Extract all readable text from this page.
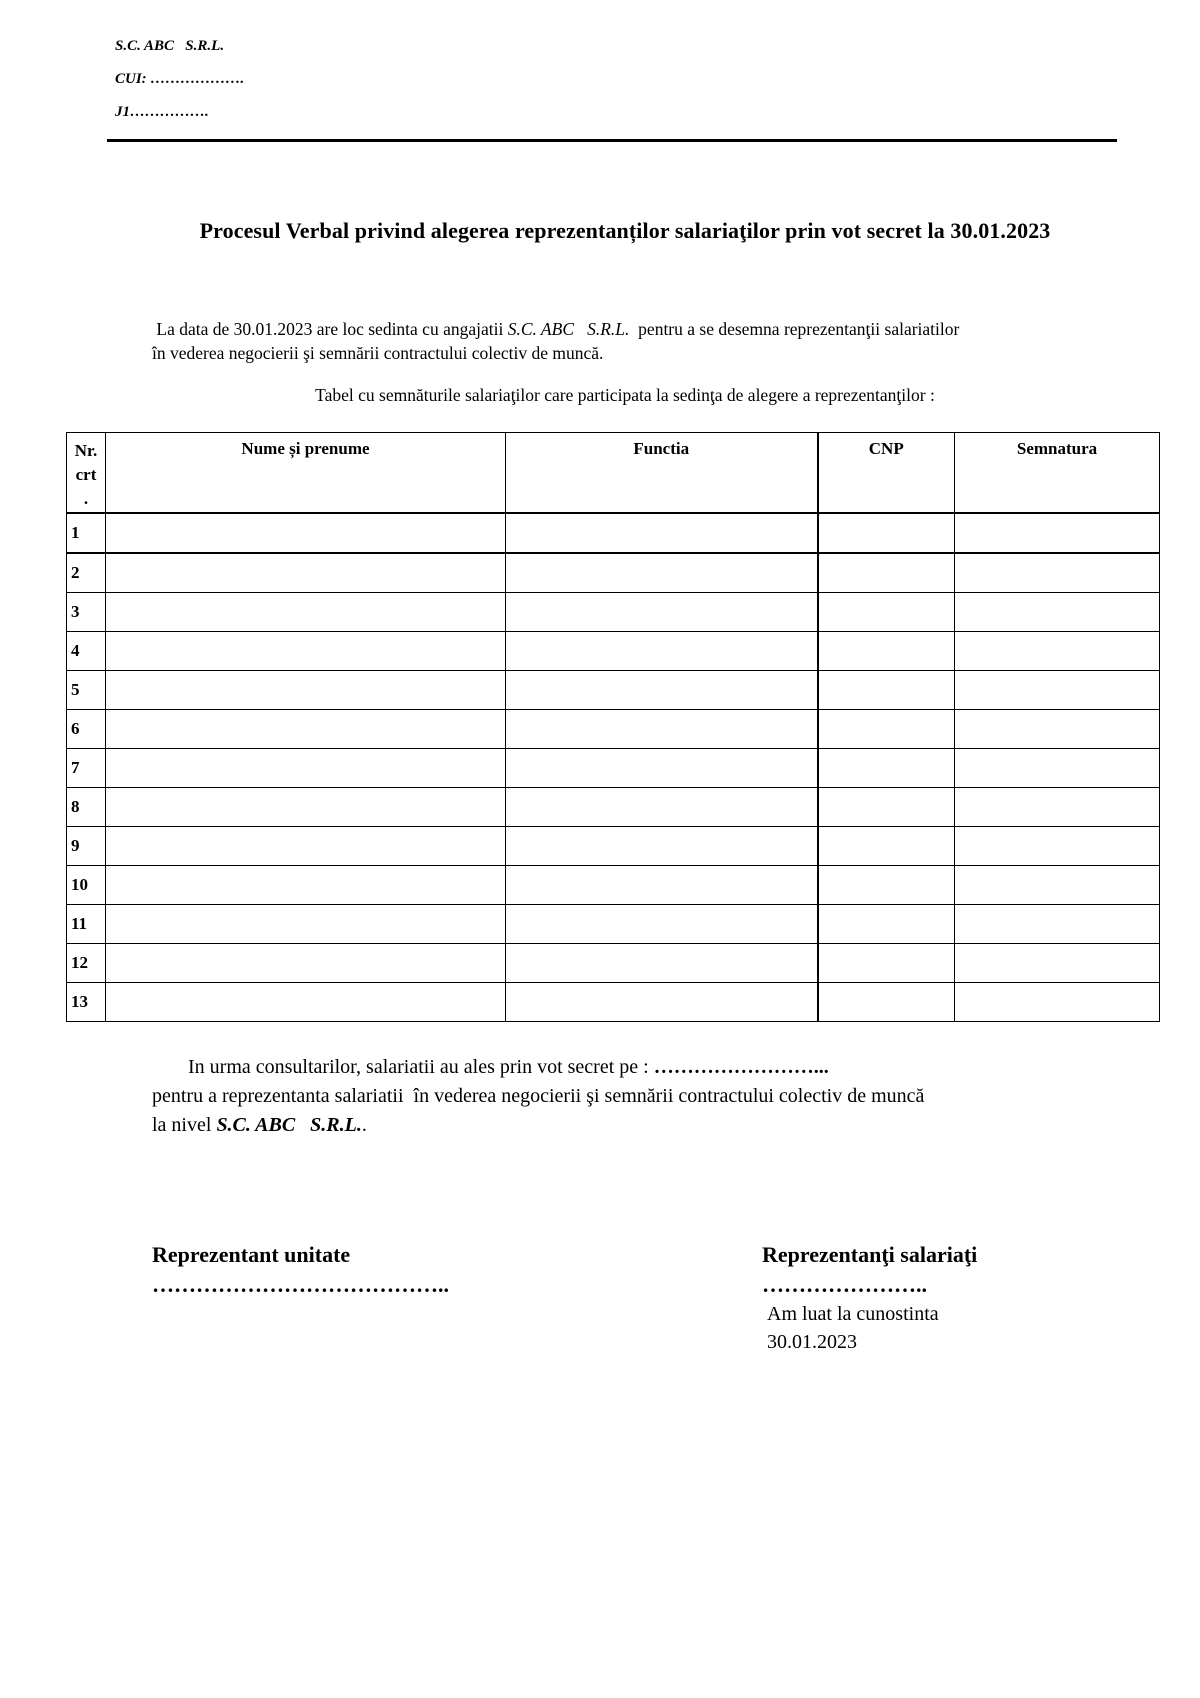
S.C. ABC   S.R.L.
CUI: ……………….
J1…………….
Procesul Verbal privind alegerea reprezentanților salariaţilor prin vot secret la 30.01.2023
La data de 30.01.2023 are loc sedinta cu angajatii S.C. ABC   S.R.L.  pentru a se desemna reprezentanţii salariatilor
în vederea negocierii şi semnării contractului colectiv de muncă.
Tabel cu semnăturile salariaţilor care participata la sedinţa de alegere a reprezentanţilor :
Nr. crt .	Nume și prenume	Functia	CNP	Semnatura
1				
2				
3				
4				
5				
6				
7				
8				
9				
10				
11				
12				
13				
In urma consultarilor, salariatii au ales prin vot secret pe : ……………………...
pentru a reprezentanta salariatii  în vederea negocierii şi semnării contractului colectiv de muncă
la nivel S.C. ABC   S.R.L..
Reprezentant unitate
…………………………………..
Reprezentanţi salariaţi
…………………..
Am luat la cunostinta
30.01.2023
